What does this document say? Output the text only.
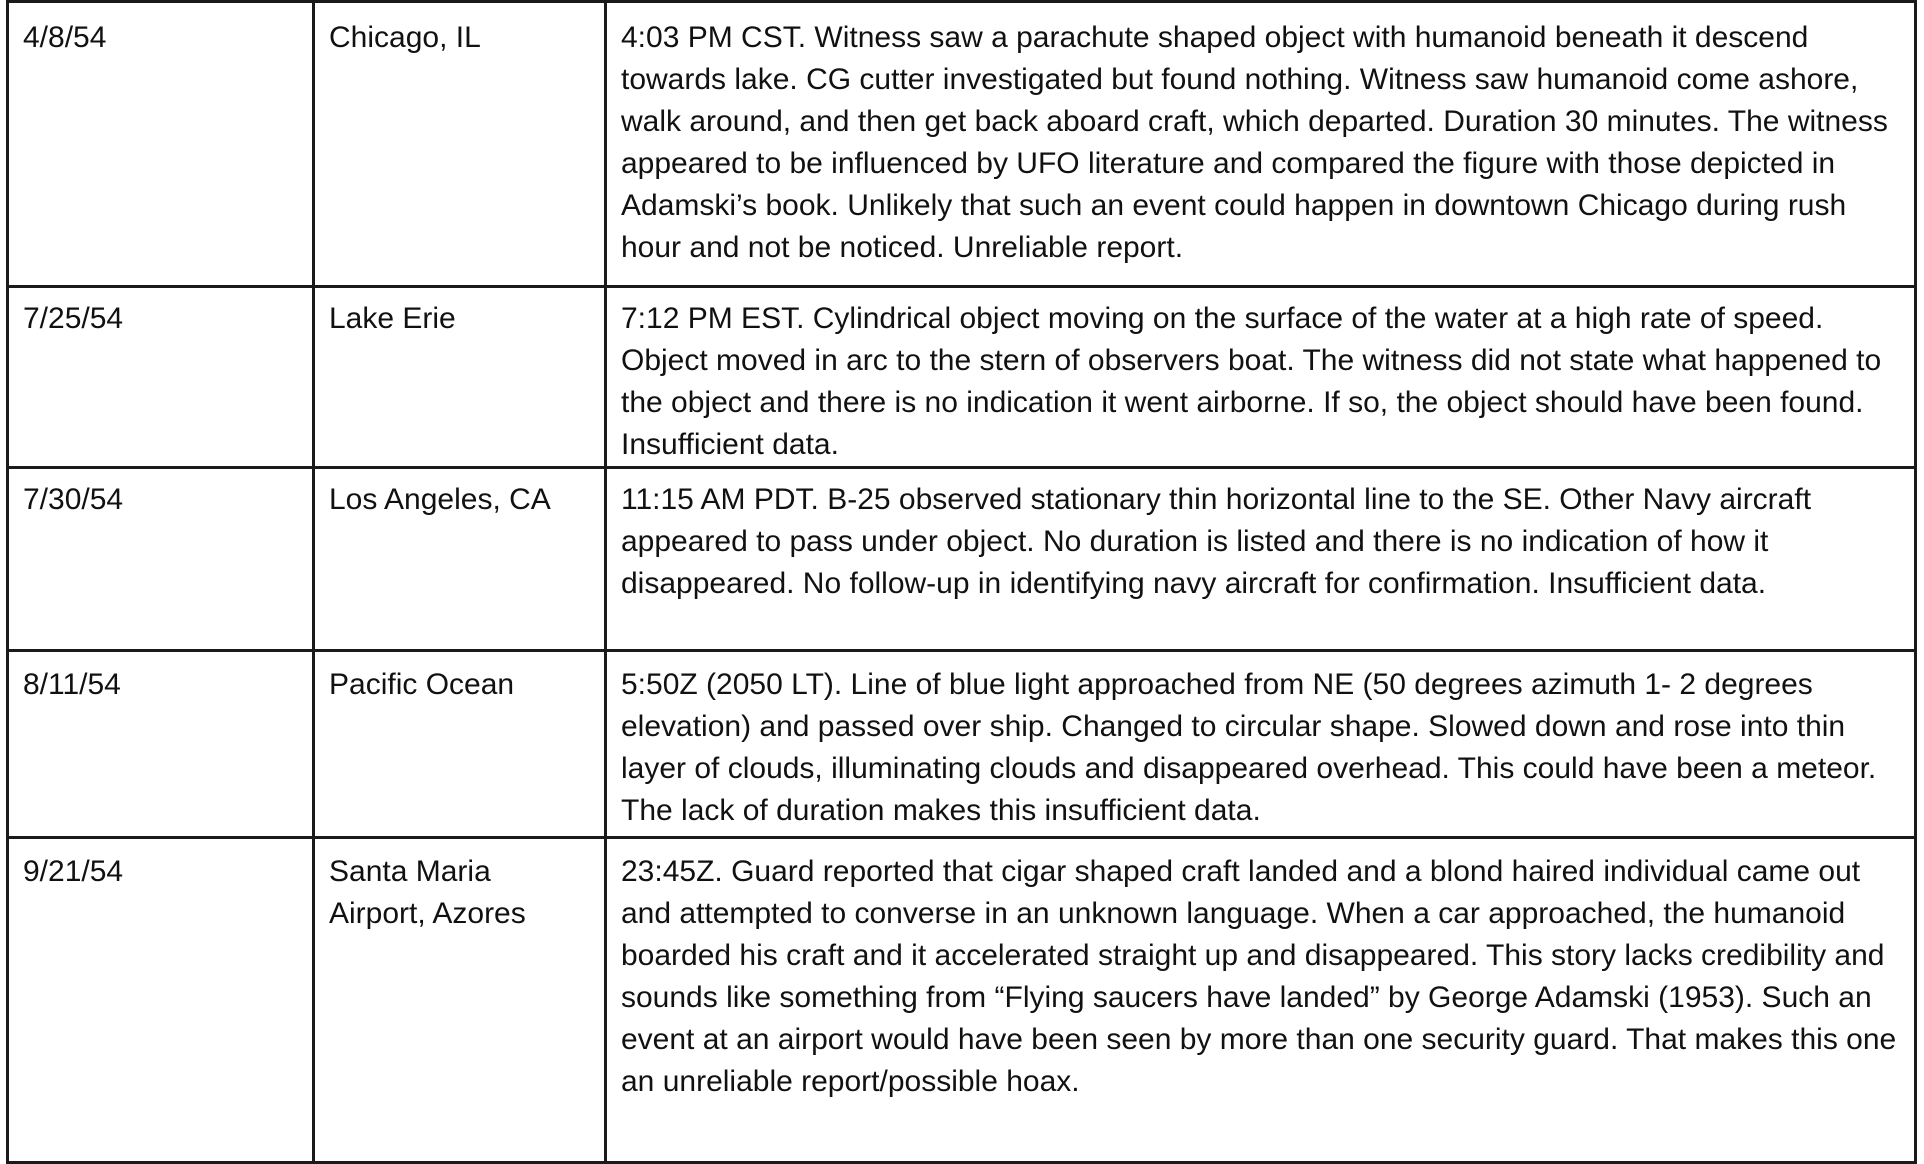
4/8/54	Chicago, IL	4:03 PM CST. Witness saw a parachute shaped object with humanoid beneath it descend towards lake. CG cutter investigated but found nothing. Witness saw humanoid come ashore, walk around, and then get back aboard craft, which departed. Duration 30 minutes. The witness appeared to be influenced by UFO literature and compared the figure with those depicted in Adamski’s book. Unlikely that such an event could happen in downtown Chicago during rush hour and not be noticed. Unreliable report.
7/25/54	Lake Erie	7:12 PM EST. Cylindrical object moving on the surface of the water at a high rate of speed. Object moved in arc to the stern of observers boat. The witness did not state what happened to the object and there is no indication it went airborne. If so, the object should have been found. Insufficient data.
7/30/54	Los Angeles, CA	11:15 AM PDT. B-25 observed stationary thin horizontal line to the SE. Other Navy aircraft appeared to pass under object. No duration is listed and there is no indication of how it disappeared. No follow-up in identifying navy aircraft for confirmation. Insufficient data.
8/11/54	Pacific Ocean	5:50Z (2050 LT). Line of blue light approached from NE (50 degrees azimuth 1- 2 degrees elevation) and passed over ship. Changed to circular shape. Slowed down and rose into thin layer of clouds, illuminating clouds and disappeared overhead. This could have been a meteor. The lack of duration makes this insufficient data.
9/21/54	Santa Maria Airport, Azores	23:45Z. Guard reported that cigar shaped craft landed and a blond haired individual came out and attempted to converse in an unknown language. When a car approached, the humanoid boarded his craft and it accelerated straight up and disappeared. This story lacks credibility and sounds like something from “Flying saucers have landed” by George Adamski (1953). Such an event at an airport would have been seen by more than one security guard. That makes this one an unreliable report/possible hoax.
